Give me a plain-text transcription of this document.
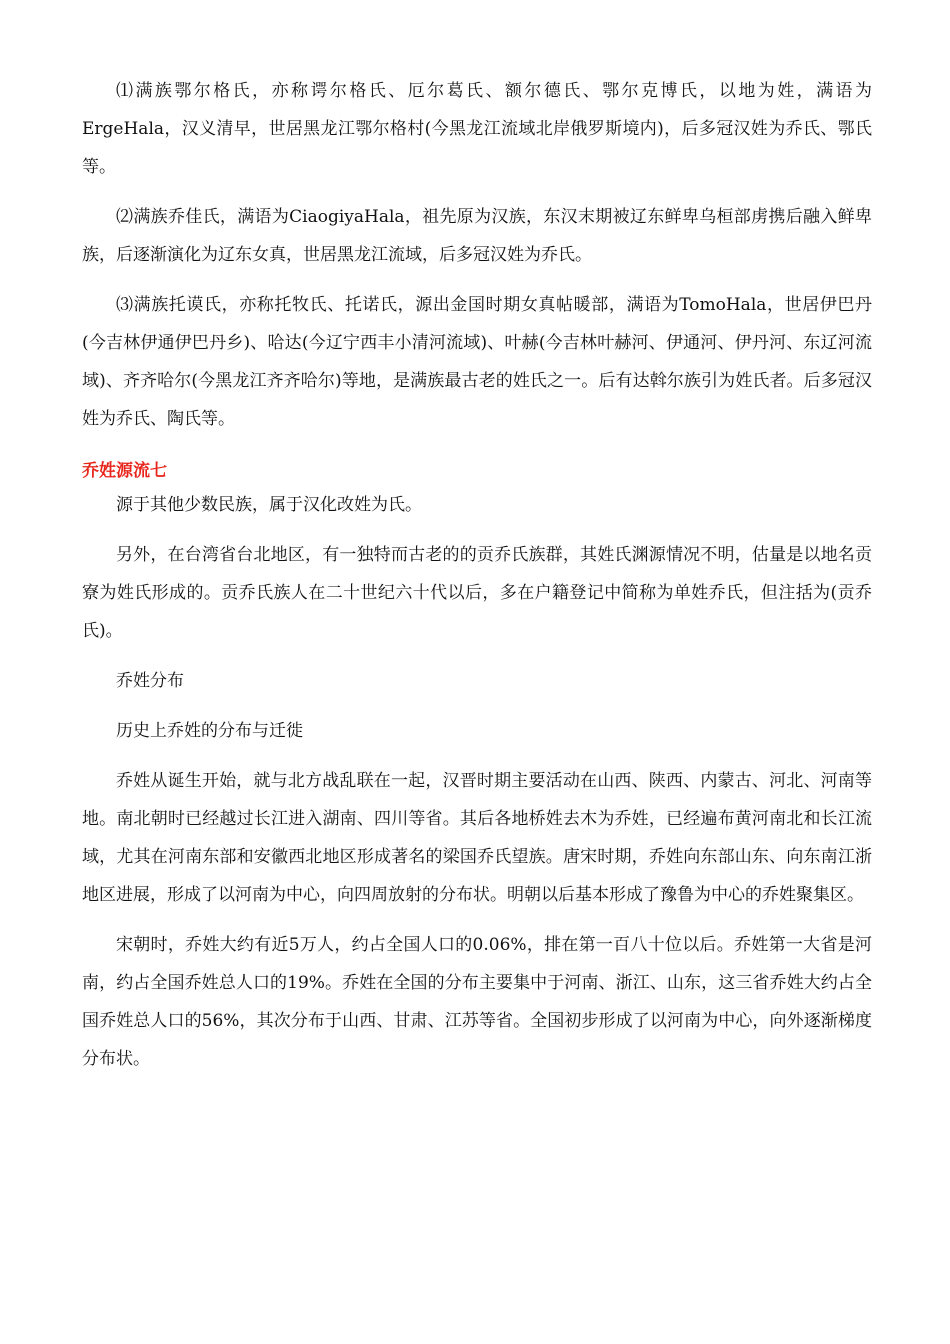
⑴满族鄂尔格氏，亦称谔尔格氏、厄尔葛氏、额尔德氏、鄂尔克博氏，以地为姓，满语为ErgeHala，汉义清早，世居黑龙江鄂尔格村(今黑龙江流域北岸俄罗斯境内)，后多冠汉姓为乔氏、鄂氏等。

⑵满族乔佳氏，满语为CiaogiyaHala，祖先原为汉族，东汉末期被辽东鲜卑乌桓部虏携后融入鲜卑族，后逐渐演化为辽东女真，世居黑龙江流域，后多冠汉姓为乔氏。

⑶满族托谟氏，亦称托牧氏、托诺氏，源出金国时期女真帖暖部，满语为TomoHala，世居伊巴丹(今吉林伊通伊巴丹乡)、哈达(今辽宁西丰小清河流域)、叶赫(今吉林叶赫河、伊通河、伊丹河、东辽河流域)、齐齐哈尔(今黑龙江齐齐哈尔)等地，是满族最古老的姓氏之一。后有达斡尔族引为姓氏者。后多冠汉姓为乔氏、陶氏等。

乔姓源流七

源于其他少数民族，属于汉化改姓为氏。

另外，在台湾省台北地区，有一独特而古老的的贡乔氏族群，其姓氏渊源情况不明，估量是以地名贡寮为姓氏形成的。贡乔氏族人在二十世纪六十代以后，多在户籍登记中简称为单姓乔氏，但注括为(贡乔氏)。

乔姓分布

历史上乔姓的分布与迁徙

乔姓从诞生开始，就与北方战乱联在一起，汉晋时期主要活动在山西、陕西、内蒙古、河北、河南等地。南北朝时已经越过长江进入湖南、四川等省。其后各地桥姓去木为乔姓，已经遍布黄河南北和长江流域，尤其在河南东部和安徽西北地区形成著名的梁国乔氏望族。唐宋时期，乔姓向东部山东、向东南江浙地区进展，形成了以河南为中心，向四周放射的分布状。明朝以后基本形成了豫鲁为中心的乔姓聚集区。

宋朝时，乔姓大约有近5万人，约占全国人口的0.06%，排在第一百八十位以后。乔姓第一大省是河南，约占全国乔姓总人口的19%。乔姓在全国的分布主要集中于河南、浙江、山东，这三省乔姓大约占全国乔姓总人口的56%，其次分布于山西、甘肃、江苏等省。全国初步形成了以河南为中心，向外逐渐梯度分布状。
